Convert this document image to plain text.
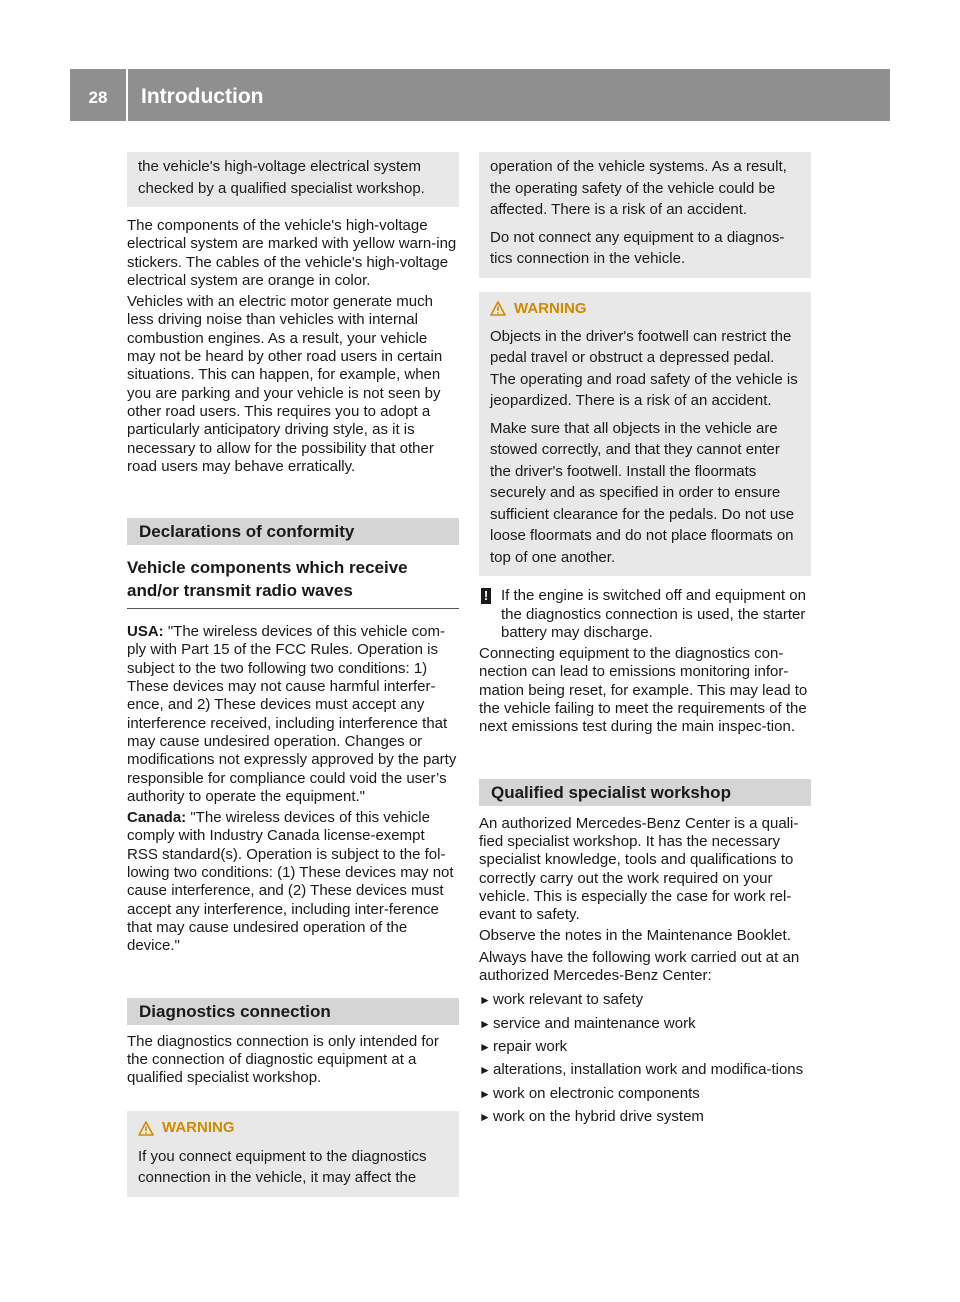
28	Introduction

the vehicle's high-voltage electrical system checked by a qualified specialist workshop.

The components of the vehicle's high-voltage electrical system are marked with yellow warn-ing stickers. The cables of the vehicle's high-voltage electrical system are orange in color.

Vehicles with an electric motor generate much less driving noise than vehicles with internal combustion engines. As a result, your vehicle may not be heard by other road users in certain situations. This can happen, for example, when you are parking and your vehicle is not seen by other road users. This requires you to adopt a particularly anticipatory driving style, as it is necessary to allow for the possibility that other road users may behave erratically.

Declarations of conformity
Vehicle components which receive and/or transmit radio waves

USA: "The wireless devices of this vehicle com-ply with Part 15 of the FCC Rules. Operation is subject to the two following two conditions: 1) These devices may not cause harmful interfer-ence, and 2) These devices must accept any interference received, including interference that may cause undesired operation. Changes or modifications not expressly approved by the party responsible for compliance could void the user’s authority to operate the equipment."

Canada: "The wireless devices of this vehicle comply with Industry Canada license-exempt RSS standard(s). Operation is subject to the fol-lowing two conditions: (1) These devices may not cause interference, and (2) These devices must accept any interference, including inter-ference that may cause undesired operation of the device."

Diagnostics connection

The diagnostics connection is only intended for the connection of diagnostic equipment at a qualified specialist workshop.

WARNING

If you connect equipment to the diagnostics connection in the vehicle, it may affect the

operation of the vehicle systems. As a result, the operating safety of the vehicle could be affected. There is a risk of an accident.

Do not connect any equipment to a diagnos-tics connection in the vehicle.

WARNING

Objects in the driver's footwell can restrict the pedal travel or obstruct a depressed pedal. The operating and road safety of the vehicle is jeopardized. There is a risk of an accident.

Make sure that all objects in the vehicle are stowed correctly, and that they cannot enter the driver's footwell. Install the floormats securely and as specified in order to ensure sufficient clearance for the pedals. Do not use loose floormats and do not place floormats on top of one another.

! If the engine is switched off and equipment on the diagnostics connection is used, the starter battery may discharge.

Connecting equipment to the diagnostics con-nection can lead to emissions monitoring infor-mation being reset, for example. This may lead to the vehicle failing to meet the requirements of the next emissions test during the main inspec-tion.

Qualified specialist workshop

An authorized Mercedes-Benz Center is a quali-fied specialist workshop. It has the necessary specialist knowledge, tools and qualifications to correctly carry out the work required on your vehicle. This is especially the case for work rel-evant to safety.

Observe the notes in the Maintenance Booklet.

Always have the following work carried out at an authorized Mercedes-Benz Center:

► work relevant to safety
► service and maintenance work
► repair work
► alterations, installation work and modifica-tions
► work on electronic components
► work on the hybrid drive system
